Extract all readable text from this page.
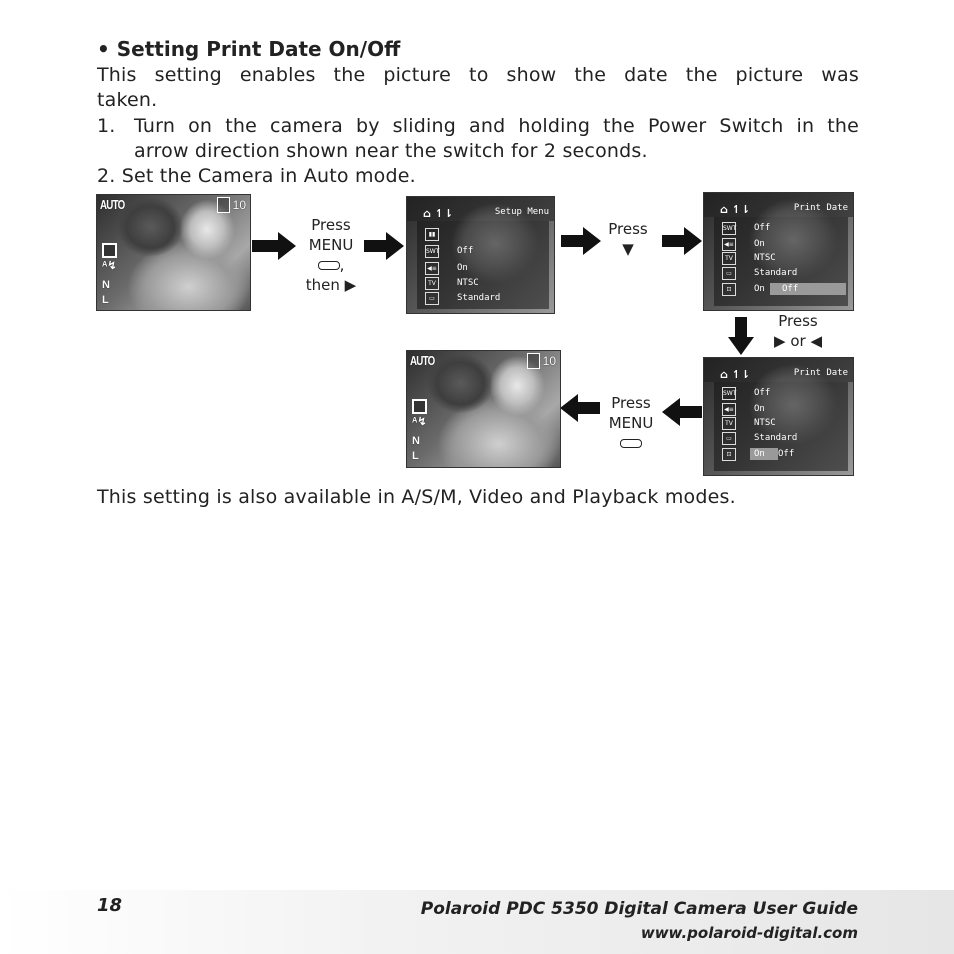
• Setting Print Date On/Off
This setting enables the picture to show the date the picture was
taken.
1. Turn on the camera by sliding and holding the Power Switch in the
arrow direction shown near the switch for 2 seconds.
2. Set the Camera in Auto mode.
AUTO	10
ᴬ↯
N
L
Press
MENU
,
then ▶
⌂ ↿⇂	Setup Menu
▮▮
SWT Off
◀≡ On
TV	NTSC
▭	Standard
Press
▼
⌂ ↿⇂	Print Date
SWT Off
◀≡ On
TV	NTSC
▭	Standard
⊡	On Off
Press
▶ or ◀
⌂ ↿⇂	Print Date
SWT Off
◀≡ On
TV	NTSC
▭	Standard
⊡	On Off
Press
MENU
AUTO	10
ᴬ↯
N
L
This setting is also available in A/S/M, Video and Playback modes.
18	Polaroid PDC 5350 Digital Camera User Guide
www.polaroid-digital.com
